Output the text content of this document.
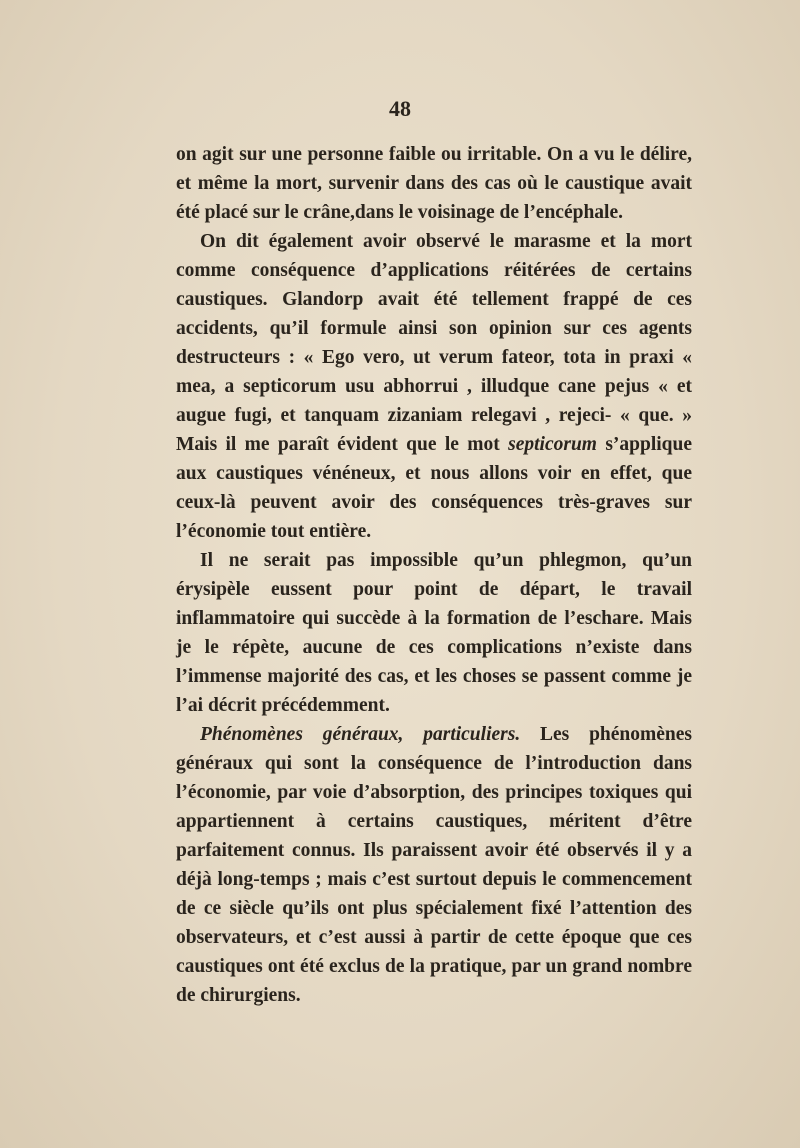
48

on agit sur une personne faible ou irritable. On a vu le délire, et même la mort, survenir dans des cas où le caustique avait été placé sur le crâne,dans le voisinage de l’encéphale.

On dit également avoir observé le marasme et la mort comme conséquence d’applications réitérées de certains caustiques. Glandorp avait été tellement frappé de ces accidents, qu’il formule ainsi son opinion sur ces agents destructeurs : « Ego vero, ut verum fateor, tota in praxi « mea, a septicorum usu abhorrui , illudque cane pejus « et augue fugi, et tanquam zizaniam relegavi , rejeci- « que. » Mais il me paraît évident que le mot septicorum s’applique aux caustiques vénéneux, et nous allons voir en effet, que ceux-là peuvent avoir des conséquences très-graves sur l’économie tout entière.

Il ne serait pas impossible qu’un phlegmon, qu’un érysipèle eussent pour point de départ, le travail inflammatoire qui succède à la formation de l’eschare. Mais je le répète, aucune de ces complications n’existe dans l’immense majorité des cas, et les choses se passent comme je l’ai décrit précédemment.

Phénomènes généraux, particuliers. Les phénomènes généraux qui sont la conséquence de l’introduction dans l’économie, par voie d’absorption, des principes toxiques qui appartiennent à certains caustiques, méritent d’être parfaitement connus. Ils paraissent avoir été observés il y a déjà long-temps ; mais c’est surtout depuis le commencement de ce siècle qu’ils ont plus spécialement fixé l’attention des observateurs, et c’est aussi à partir de cette époque que ces caustiques ont été exclus de la pratique, par un grand nombre de chirurgiens.
